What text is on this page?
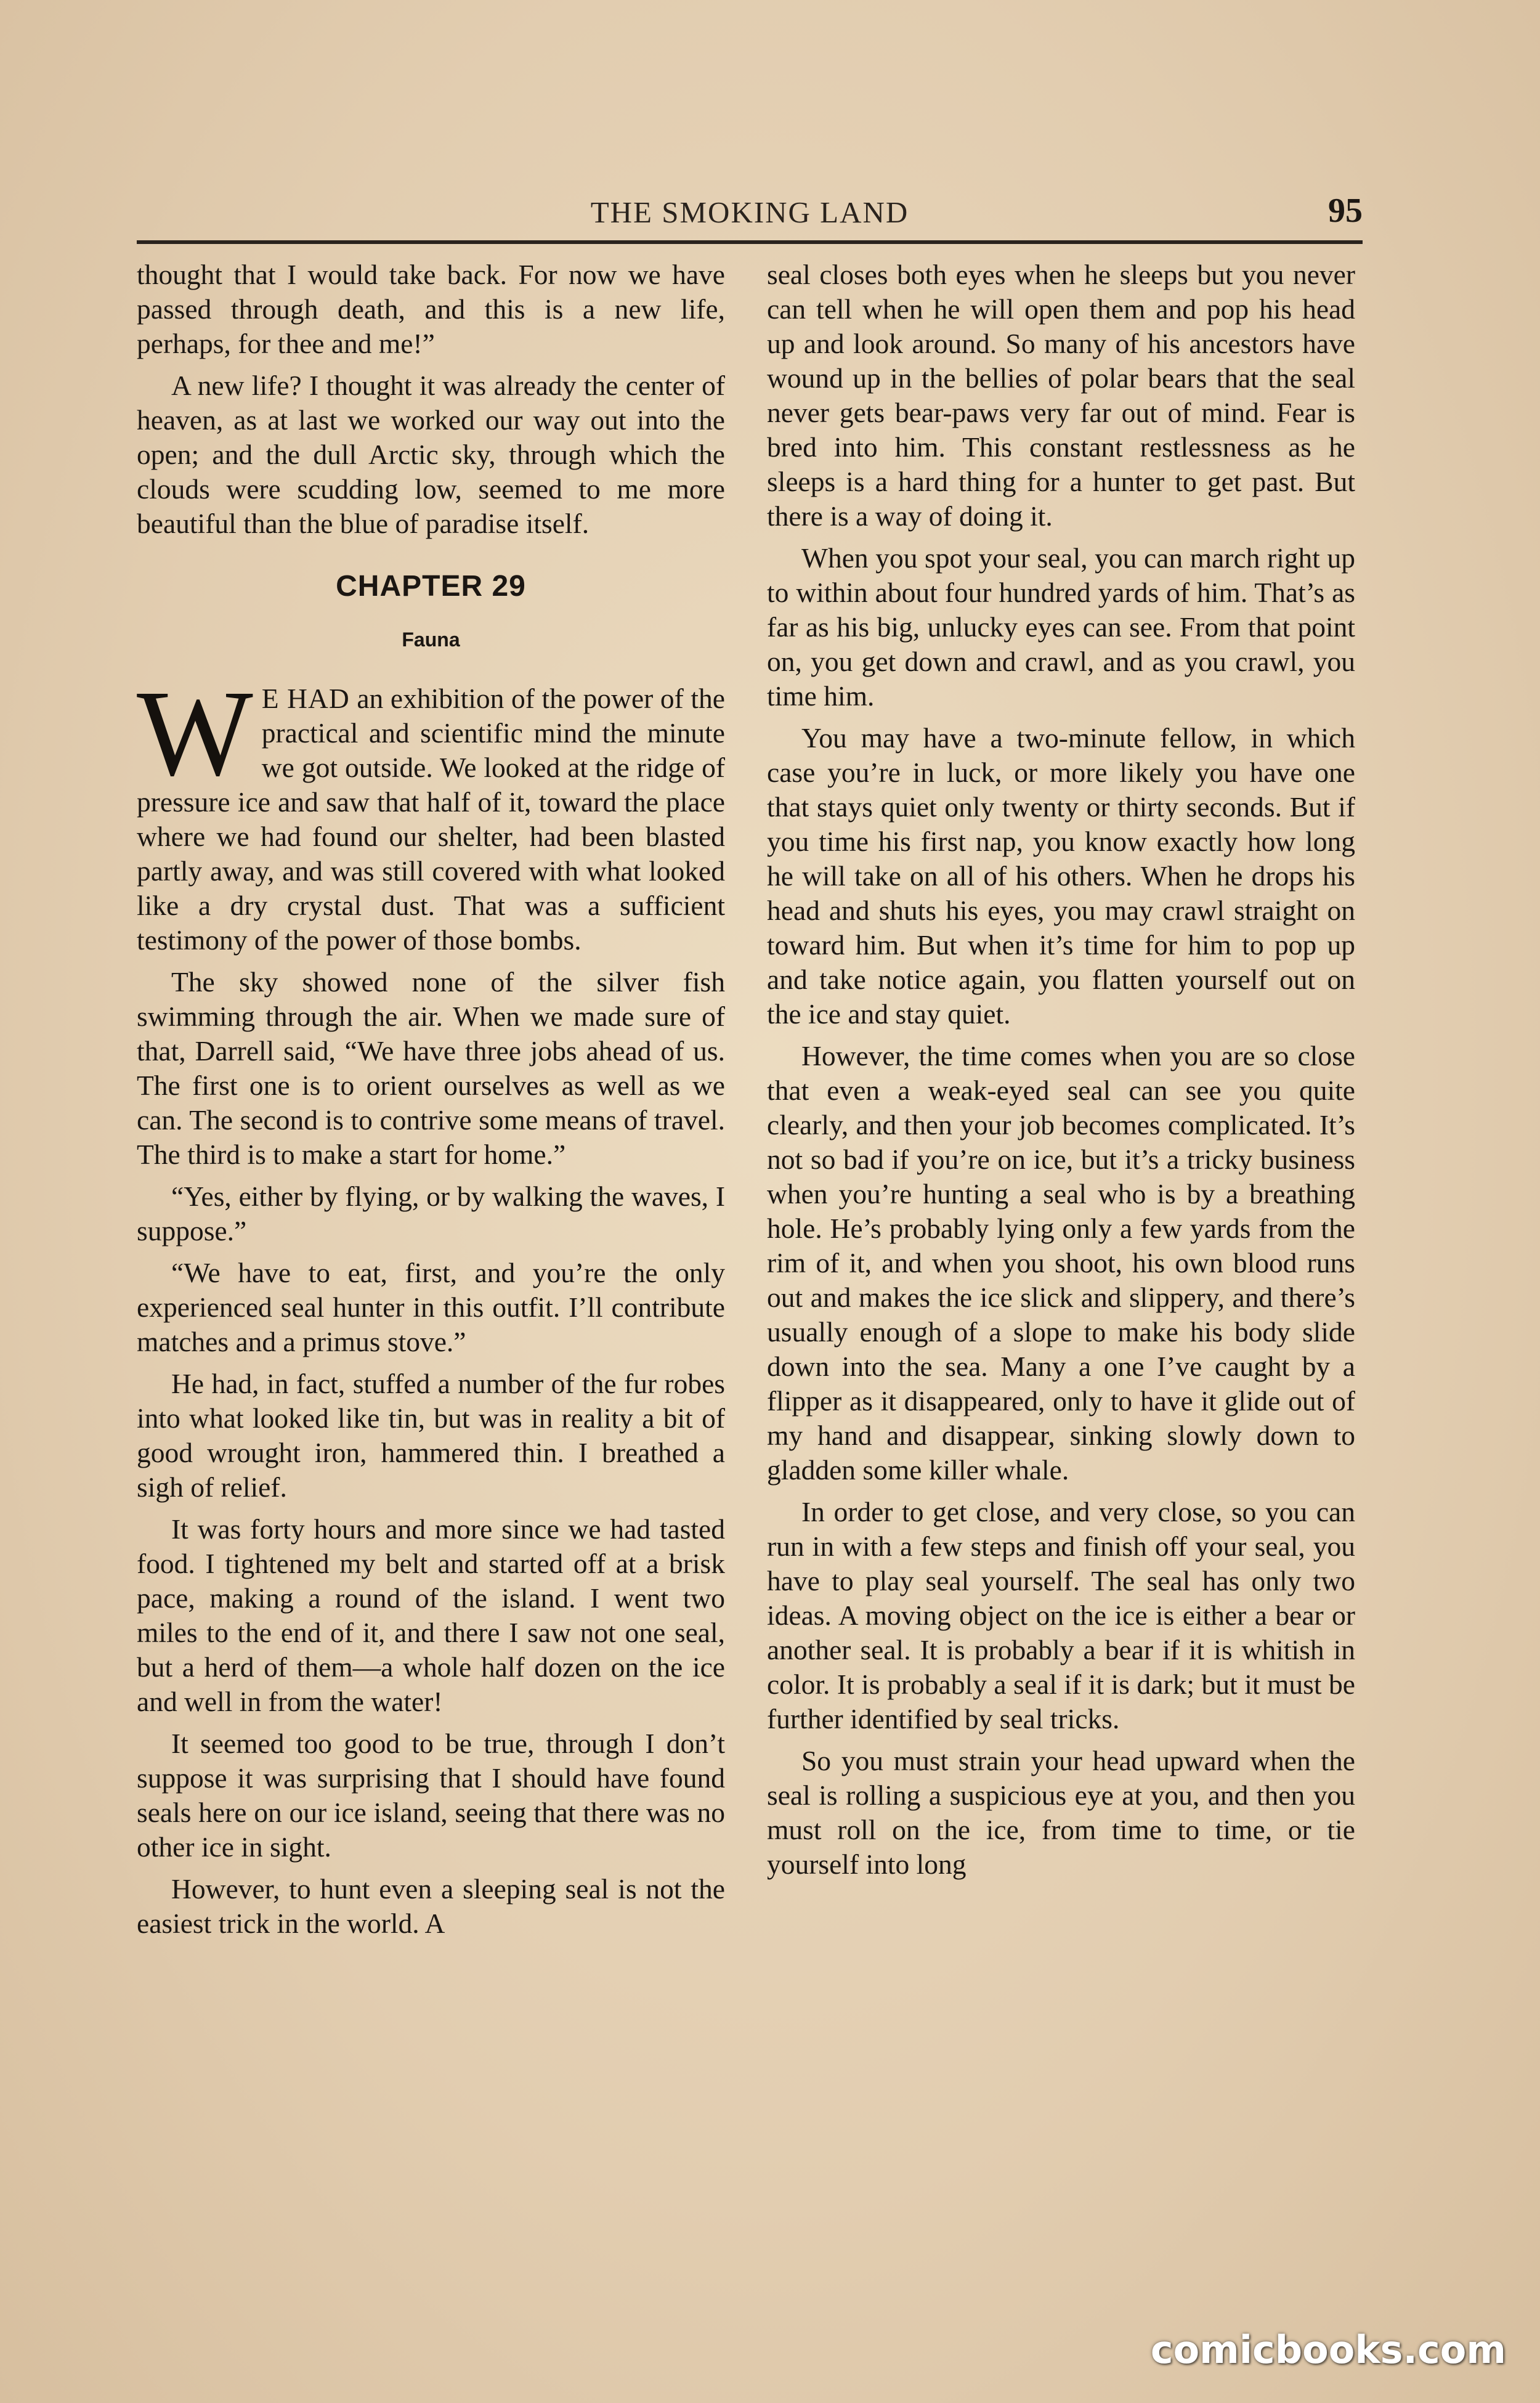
THE SMOKING LAND	95

thought that I would take back. For now we have passed through death, and this is a new life, perhaps, for thee and me!”

A new life? I thought it was already the center of heaven, as at last we worked our way out into the open; and the dull Arctic sky, through which the clouds were scudding low, seemed to me more beautiful than the blue of paradise itself.

CHAPTER 29
Fauna

W E HAD an exhibition of the power of the practical and scientific mind the minute we got outside. We looked at the ridge of pressure ice and saw that half of it, toward the place where we had found our shelter, had been blasted partly away, and was still covered with what looked like a dry crystal dust. That was a sufficient testimony of the power of those bombs.

The sky showed none of the silver fish swimming through the air. When we made sure of that, Darrell said, “We have three jobs ahead of us. The first one is to orient ourselves as well as we can. The second is to contrive some means of travel. The third is to make a start for home.”

“Yes, either by flying, or by walking the waves, I suppose.”

“We have to eat, first, and you’re the only experienced seal hunter in this outfit. I’ll contribute matches and a primus stove.”

He had, in fact, stuffed a number of the fur robes into what looked like tin, but was in reality a bit of good wrought iron, hammered thin. I breathed a sigh of relief.

It was forty hours and more since we had tasted food. I tightened my belt and started off at a brisk pace, making a round of the island. I went two miles to the end of it, and there I saw not one seal, but a herd of them—a whole half dozen on the ice and well in from the water!

It seemed too good to be true, through I don’t suppose it was surprising that I should have found seals here on our ice island, seeing that there was no other ice in sight.

However, to hunt even a sleeping seal is not the easiest trick in the world. A

seal closes both eyes when he sleeps but you never can tell when he will open them and pop his head up and look around. So many of his ancestors have wound up in the bellies of polar bears that the seal never gets bear-paws very far out of mind. Fear is bred into him. This constant restlessness as he sleeps is a hard thing for a hunter to get past. But there is a way of doing it.

When you spot your seal, you can march right up to within about four hundred yards of him. That’s as far as his big, unlucky eyes can see. From that point on, you get down and crawl, and as you crawl, you time him.

You may have a two-minute fellow, in which case you’re in luck, or more likely you have one that stays quiet only twenty or thirty seconds. But if you time his first nap, you know exactly how long he will take on all of his others. When he drops his head and shuts his eyes, you may crawl straight on toward him. But when it’s time for him to pop up and take notice again, you flatten yourself out on the ice and stay quiet.

However, the time comes when you are so close that even a weak-eyed seal can see you quite clearly, and then your job becomes complicated. It’s not so bad if you’re on ice, but it’s a tricky business when you’re hunting a seal who is by a breathing hole. He’s probably lying only a few yards from the rim of it, and when you shoot, his own blood runs out and makes the ice slick and slippery, and there’s usually enough of a slope to make his body slide down into the sea. Many a one I’ve caught by a flipper as it disappeared, only to have it glide out of my hand and disappear, sinking slowly down to gladden some killer whale.

In order to get close, and very close, so you can run in with a few steps and finish off your seal, you have to play seal yourself. The seal has only two ideas. A moving object on the ice is either a bear or another seal. It is probably a bear if it is whitish in color. It is probably a seal if it is dark; but it must be further identified by seal tricks.

So you must strain your head upward when the seal is rolling a suspicious eye at you, and then you must roll on the ice, from time to time, or tie yourself into long

comicbooks.com
